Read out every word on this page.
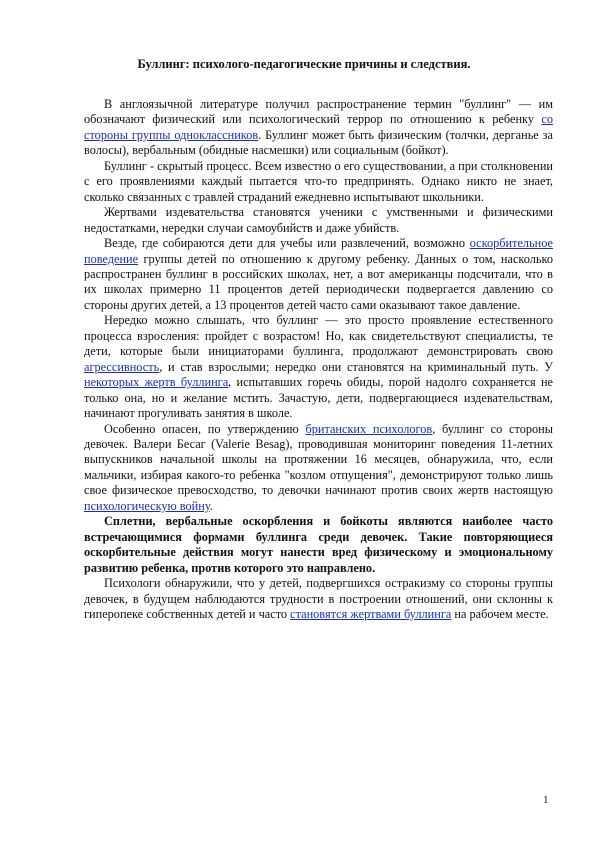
Буллинг: психолого-педагогические причины и следствия.

В англоязычной литературе получил распространение термин "буллинг" — им обозначают физический или психологический террор по отношению к ребенку со стороны группы одноклассников. Буллинг может быть физическим (толчки, дерганье за волосы), вербальным (обидные насмешки) или социальным (бойкот).

Буллинг - скрытый процесс. Всем известно о его существовании, а при столкновении с его проявлениями каждый пытается что-то предпринять. Однако никто не знает, сколько связанных с травлей страданий ежедневно испытывают школьники.

Жертвами издевательства становятся ученики с умственными и физическими недостатками, нередки случаи самоубийств и даже убийств.

Везде, где собираются дети для учебы или развлечений, возможно оскорбительное поведение группы детей по отношению к другому ребенку. Данных о том, насколько распространен буллинг в российских школах, нет, а вот американцы подсчитали, что в их школах примерно 11 процентов детей периодически подвергается давлению со стороны других детей, а 13 процентов детей часто сами оказывают такое давление.

Нередко можно слышать, что буллинг — это просто проявление естественного процесса взросления: пройдет с возрастом! Но, как свидетельствуют специалисты, те дети, которые были инициаторами буллинга, продолжают демонстрировать свою агрессивность, и став взрослыми; нередко они становятся на криминальный путь. У некоторых жертв буллинга, испытавших горечь обиды, порой надолго сохраняется не только она, но и желание мстить. Зачастую, дети, подвергающиеся издевательствам, начинают прогуливать занятия в школе.

Особенно опасен, по утверждению британских психологов, буллинг со стороны девочек. Валери Бесаг (Valerie Besag), проводившая мониторинг поведения 11-летних выпускников начальной школы на протяжении 16 месяцев, обнаружила, что, если мальчики, избирая какого-то ребенка "козлом отпущения", демонстрируют только лишь свое физическое превосходство, то девочки начинают против своих жертв настоящую психологическую войну.

Сплетни, вербальные оскорбления и бойкоты являются наиболее часто встречающимися формами буллинга среди девочек. Такие повторяющиеся оскорбительные действия могут нанести вред физическому и эмоциональному развитию ребенка, против которого это направлено.

Психологи обнаружили, что у детей, подвергшихся остракизму со стороны группы девочек, в будущем наблюдаются трудности в построении отношений, они склонны к гиперопеке собственных детей и часто становятся жертвами буллинга на рабочем месте.

1
